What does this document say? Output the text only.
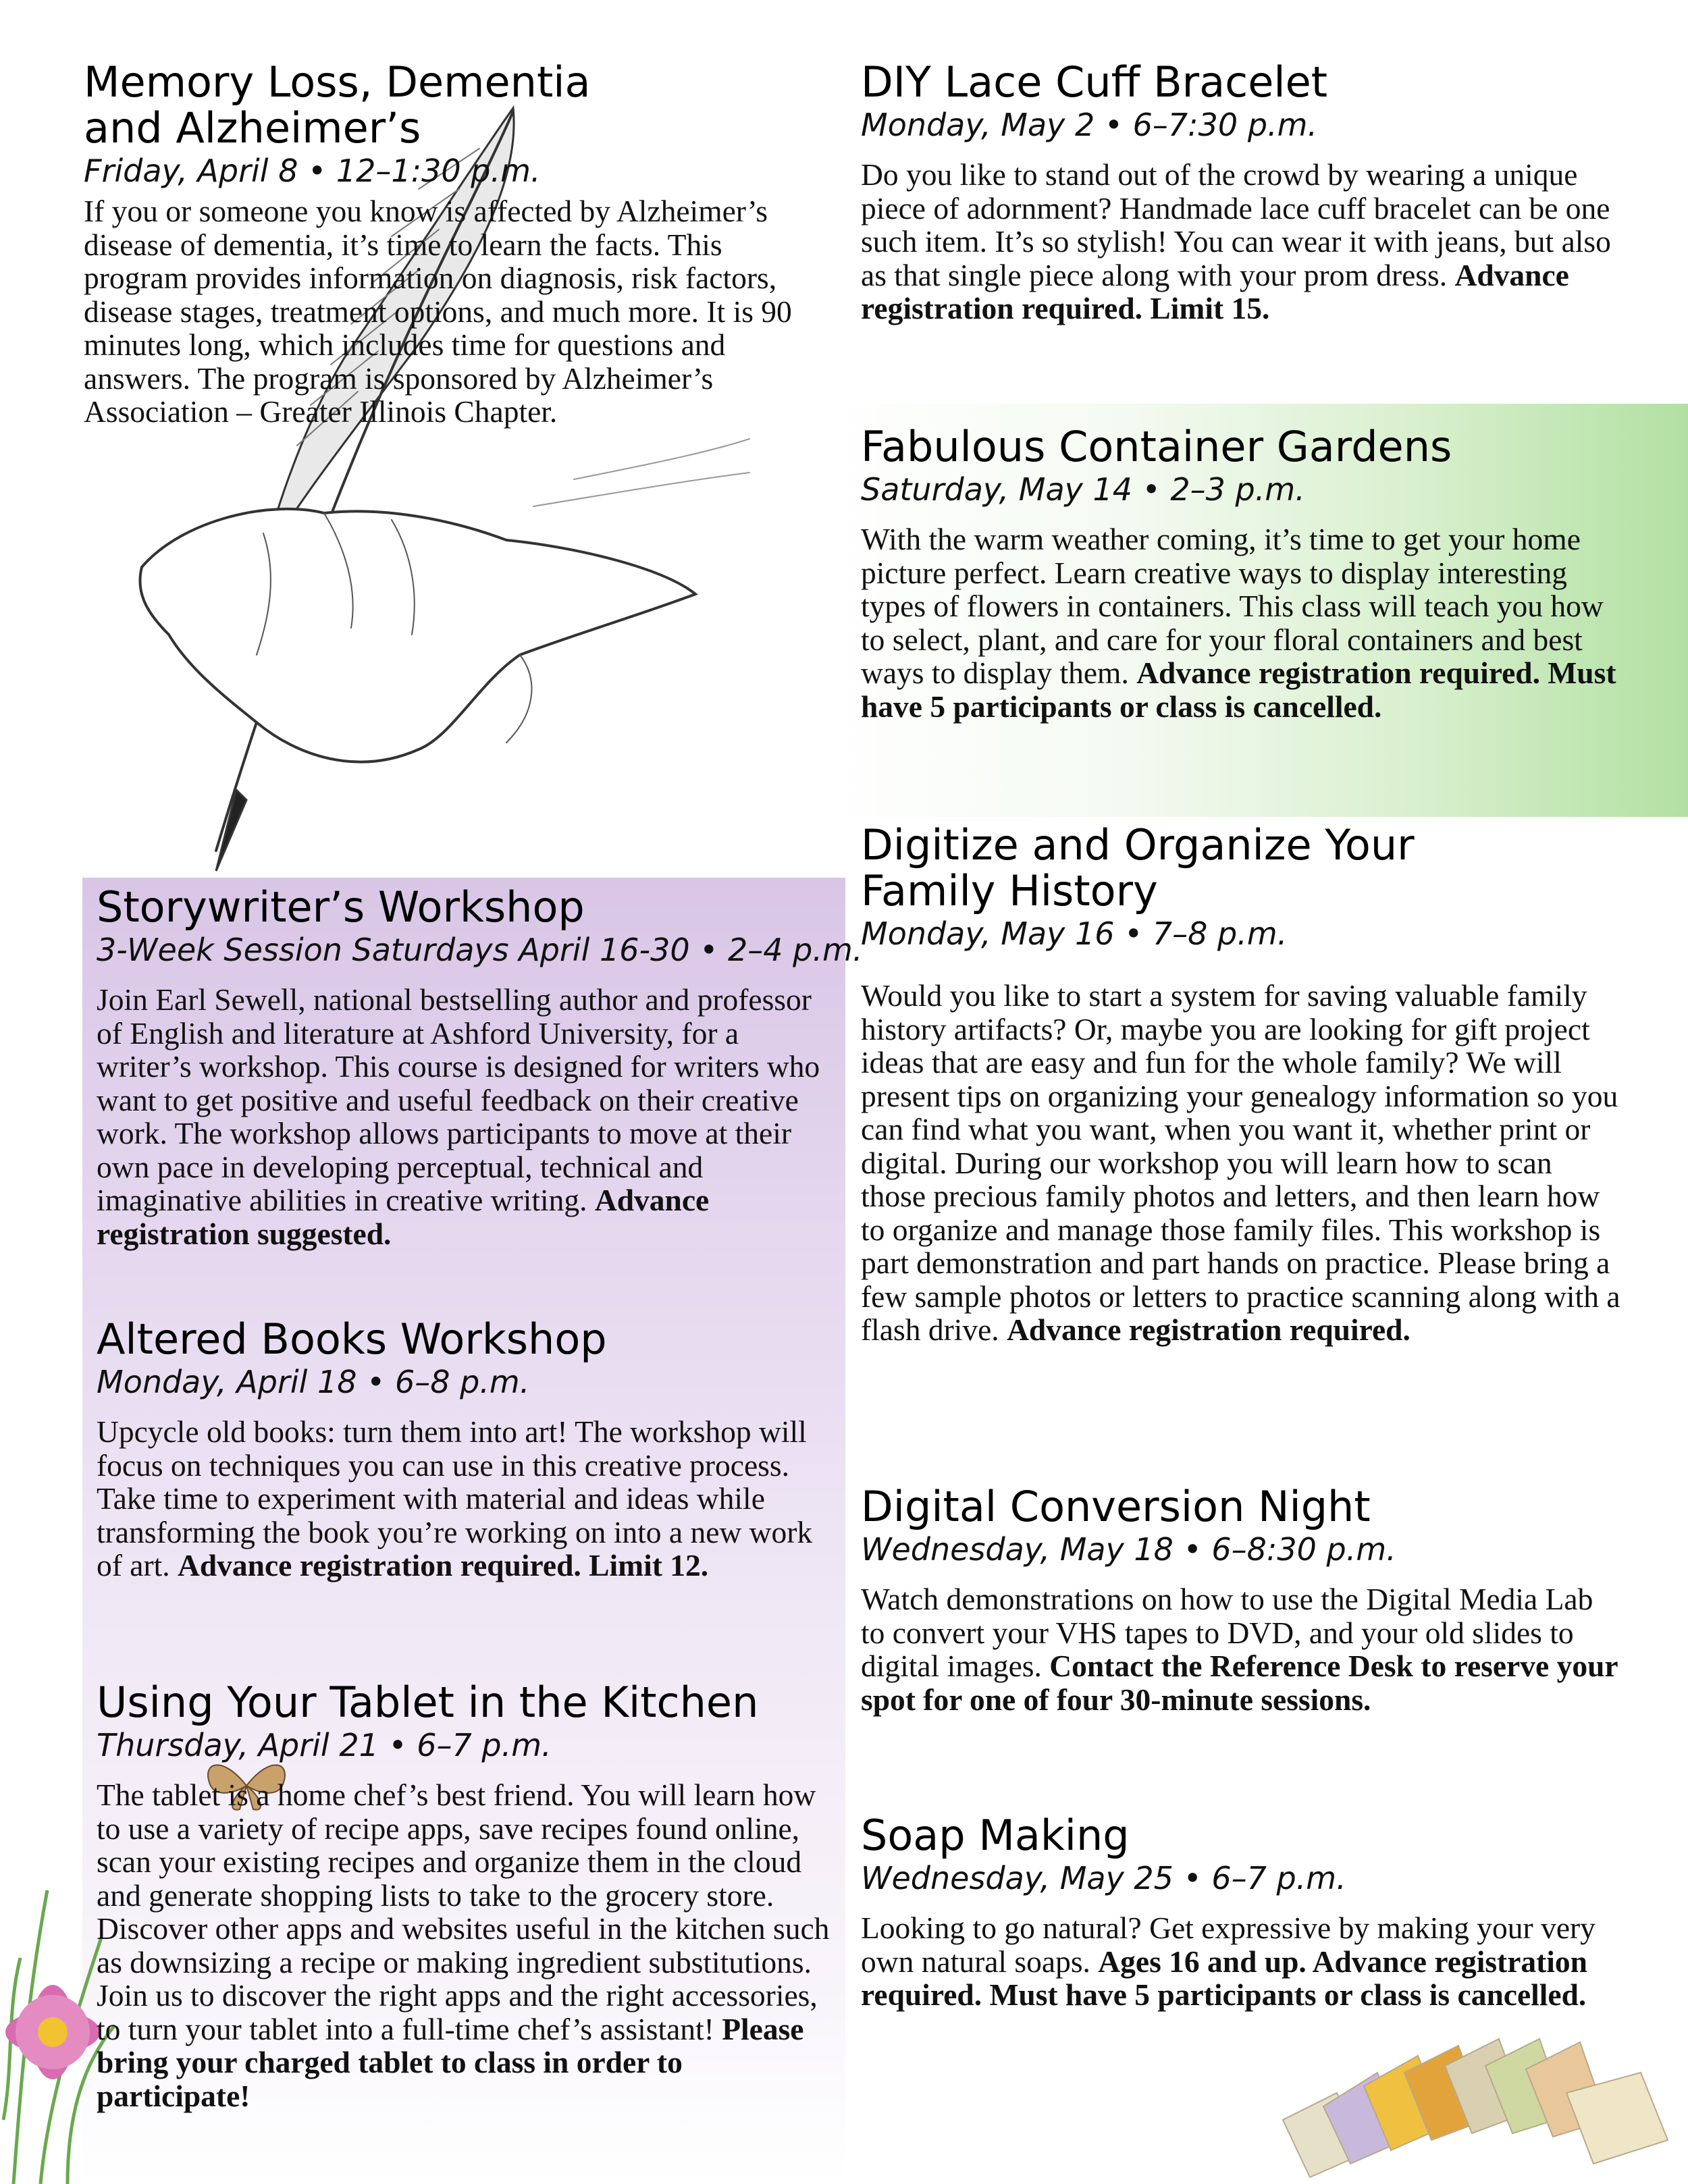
Memory Loss, Dementia
and Alzheimer’s
Friday, April 8 • 12–1:30 p.m.

If you or someone you know is affected by Alzheimer’s disease of dementia, it’s time to learn the facts. This program provides information on diagnosis, risk factors, disease stages, treatment options, and much more. It is 90 minutes long, which includes time for questions and answers. The program is sponsored by Alzheimer’s Association – Greater Illinois Chapter.

Storywriter’s Workshop
3-Week Session Saturdays April 16-30 • 2–4 p.m.

Join Earl Sewell, national bestselling author and professor of English and literature at Ashford University, for a writer’s workshop. This course is designed for writers who want to get positive and useful feedback on their creative work. The workshop allows participants to move at their own pace in developing perceptual, technical and imaginative abilities in creative writing. Advance registration suggested.

Altered Books Workshop
Monday, April 18 • 6–8 p.m.

Upcycle old books: turn them into art! The workshop will focus on techniques you can use in this creative process. Take time to experiment with material and ideas while transforming the book you’re working on into a new work of art. Advance registration required. Limit 12.

Using Your Tablet in the Kitchen
Thursday, April 21 • 6–7 p.m.

The tablet is a home chef’s best friend. You will learn how to use a variety of recipe apps, save recipes found online, scan your existing recipes and organize them in the cloud and generate shopping lists to take to the grocery store. Discover other apps and websites useful in the kitchen such as downsizing a recipe or making ingredient substitutions. Join us to discover the right apps and the right accessories, to turn your tablet into a full-time chef’s assistant! Please bring your charged tablet to class in order to participate!

DIY Lace Cuff Bracelet
Monday, May 2 • 6–7:30 p.m.

Do you like to stand out of the crowd by wearing a unique piece of adornment? Handmade lace cuff bracelet can be one such item. It’s so stylish! You can wear it with jeans, but also as that single piece along with your prom dress. Advance registration required. Limit 15.

Fabulous Container Gardens
Saturday, May 14 • 2–3 p.m.

With the warm weather coming, it’s time to get your home picture perfect. Learn creative ways to display interesting types of flowers in containers. This class will teach you how to select, plant, and care for your floral containers and best ways to display them. Advance registration required. Must have 5 participants or class is cancelled.

Digitize and Organize Your
Family History
Monday, May 16 • 7–8 p.m.

Would you like to start a system for saving valuable family history artifacts? Or, maybe you are looking for gift project ideas that are easy and fun for the whole family? We will present tips on organizing your genealogy information so you can find what you want, when you want it, whether print or digital. During our workshop you will learn how to scan those precious family photos and letters, and then learn how to organize and manage those family files. This workshop is part demonstration and part hands on practice. Please bring a few sample photos or letters to practice scanning along with a flash drive. Advance registration required.

Digital Conversion Night
Wednesday, May 18 • 6–8:30 p.m.

Watch demonstrations on how to use the Digital Media Lab to convert your VHS tapes to DVD, and your old slides to digital images. Contact the Reference Desk to reserve your spot for one of four 30-minute sessions.

Soap Making
Wednesday, May 25 • 6–7 p.m.

Looking to go natural? Get expressive by making your very own natural soaps. Ages 16 and up. Advance registration required. Must have 5 participants or class is cancelled.
